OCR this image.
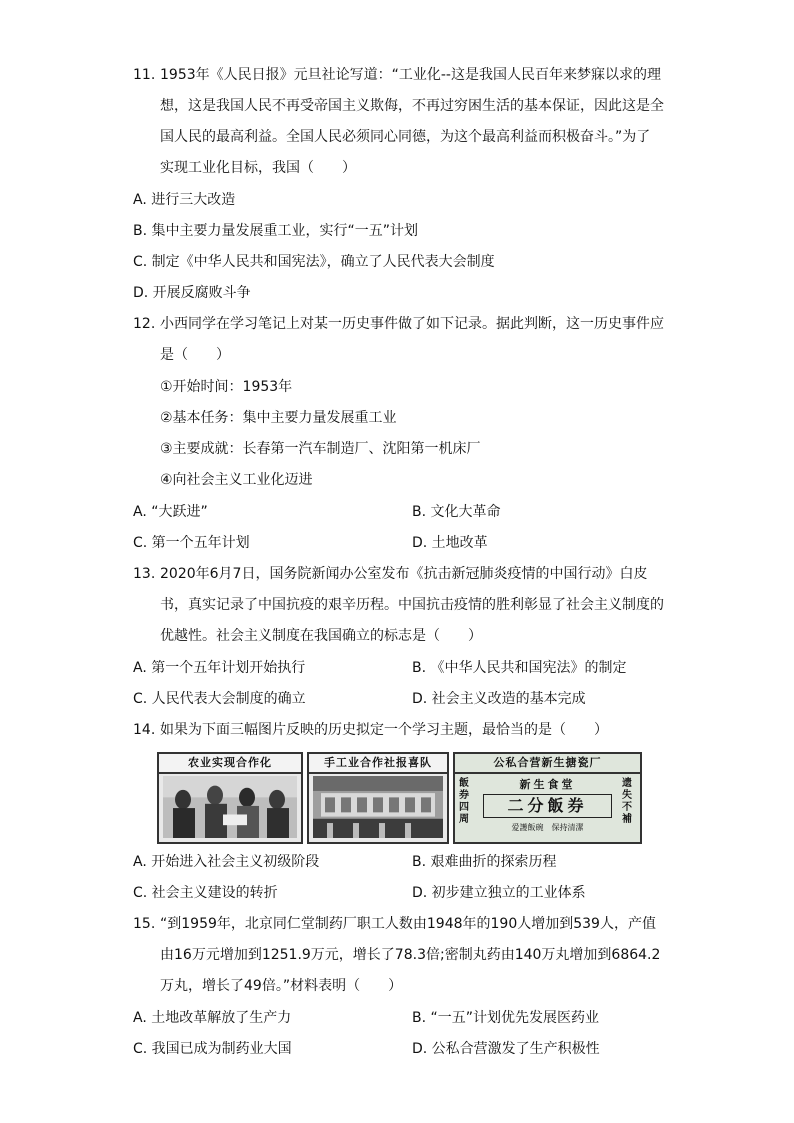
11. 1953年《人民日报》元旦社论写道：“工业化--这是我国人民百年来梦寐以求的理
想，这是我国人民不再受帝国主义欺侮，不再过穷困生活的基本保证，因此这是全
国人民的最高利益。全国人民必须同心同德，为这个最高利益而积极奋斗。”为了
实现工业化目标，我国（　　）
A. 进行三大改造
B. 集中主要力量发展重工业，实行“一五”计划
C. 制定《中华人民共和国宪法》，确立了人民代表大会制度
D. 开展反腐败斗争
12. 小西同学在学习笔记上对某一历史事件做了如下记录。据此判断，这一历史事件应
是（　　）
①开始时间：1953年
②基本任务：集中主要力量发展重工业
③主要成就：长春第一汽车制造厂、沈阳第一机床厂
④向社会主义工业化迈进
A. “大跃进”	B. 文化大革命
C. 第一个五年计划	D. 土地改革
13. 2020年6月7日，国务院新闻办公室发布《抗击新冠肺炎疫情的中国行动》白皮
书，真实记录了中国抗疫的艰辛历程。中国抗击疫情的胜利彰显了社会主义制度的
优越性。社会主义制度在我国确立的标志是（　　）
A. 第一个五年计划开始执行	B. 《中华人民共和国宪法》的制定
C. 人民代表大会制度的确立	D. 社会主义改造的基本完成
14. 如果为下面三幅图片反映的历史拟定一个学习主题，最恰当的是（　　）
农业实现合作化	手工业合作社报喜队	公私合营新生搪瓷厂
飯券四周
遗失不補
新生食堂
二分飯券
爱護飯碗　保持清潔
A. 开始进入社会主义初级阶段	B. 艰难曲折的探索历程
C. 社会主义建设的转折	D. 初步建立独立的工业体系
15. “到1959年，北京同仁堂制药厂职工人数由1948年的190人增加到539人，产值
由16万元增加到1251.9万元，增长了78.3倍;密制丸药由140万丸增加到6864.2
万丸，增长了49倍。”材料表明（　　）
A. 土地改革解放了生产力	B. “一五”计划优先发展医药业
C. 我国已成为制药业大国	D. 公私合营激发了生产积极性
